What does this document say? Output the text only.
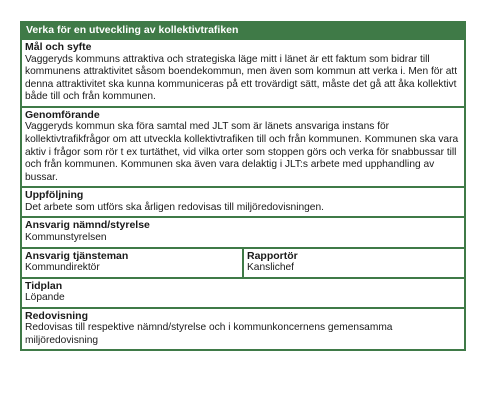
Verka för en utveckling av kollektivtrafiken
Mål och syfte
Vaggeryds kommuns attraktiva och strategiska läge mitt i länet är ett faktum som bidrar till kommunens attraktivitet såsom boendekommun, men även som kommun att verka i. Men för att denna attraktivitet ska kunna kommuniceras på ett trovärdigt sätt, måste det gå att åka kollektivt både till och från kommunen.
Genomförande
Vaggeryds kommun ska föra samtal med JLT som är länets ansvariga instans för kollektivtrafikfrågor om att utveckla kollektivtrafiken till och från kommunen. Kommunen ska vara aktiv i frågor som rör t ex turtäthet, vid vilka orter som stoppen görs och verka för snabbussar till och från kommunen. Kommunen ska även vara delaktig i JLT:s arbete med upphandling av bussar.
Uppföljning
Det arbete som utförs ska årligen redovisas till miljöredovisningen.
Ansvarig nämnd/styrelse
Kommunstyrelsen
Ansvarig tjänsteman
Kommundirektör
Rapportör
Kanslichef
Tidplan
Löpande
Redovisning
Redovisas till respektive nämnd/styrelse och i kommunkoncernens gemensamma miljöredovisning
